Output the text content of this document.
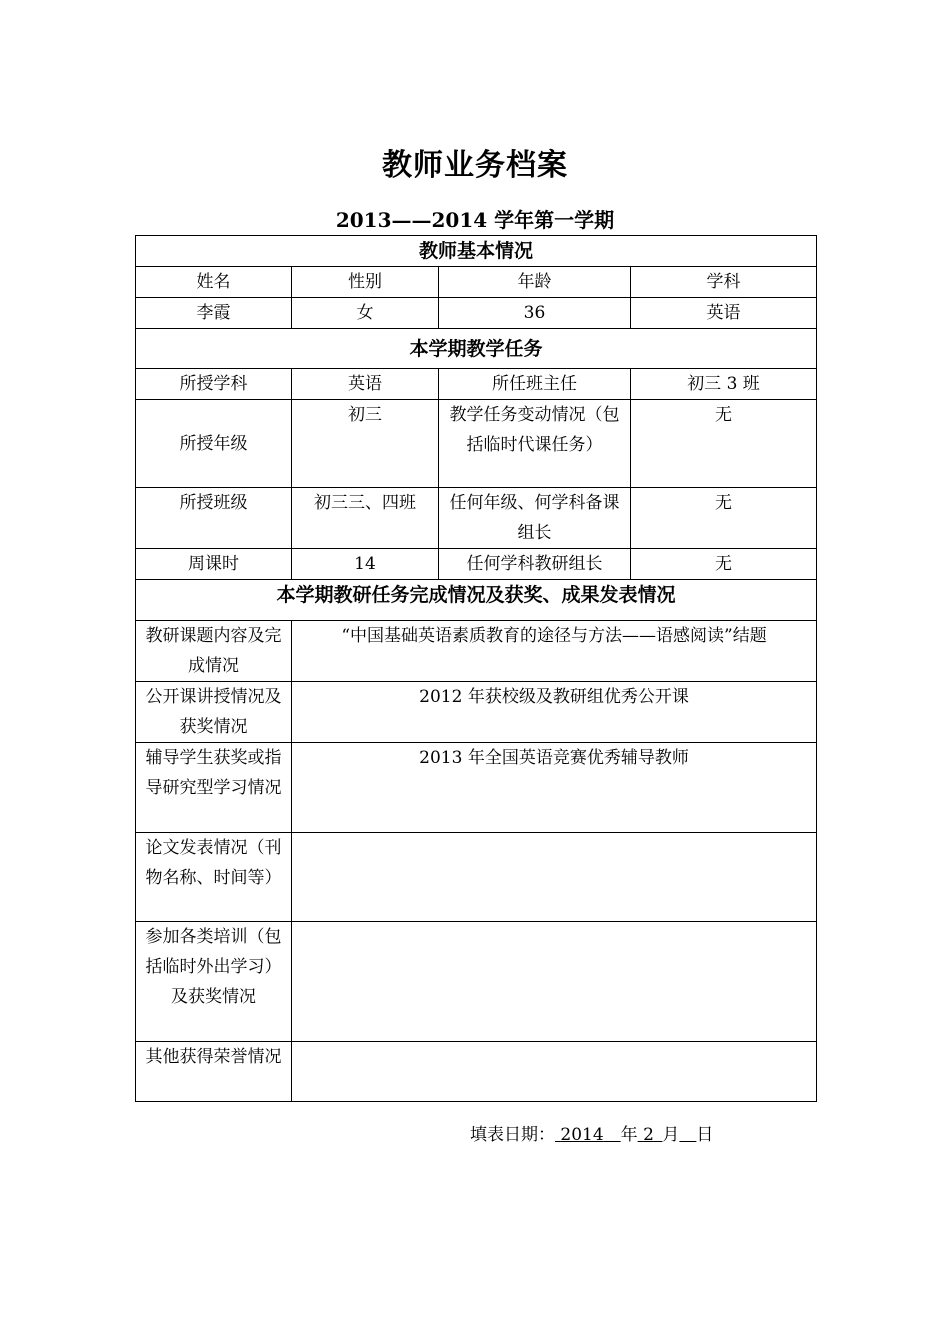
教师业务档案
2013——2014 学年第一学期
教师基本情况			
姓名	性别	年龄	学科
李霞	女	36	英语
本学期教学任务			
所授学科	英语	所任班主任	初三 3 班
所授年级	初三	教学任务变动情况（包括临时代课任务）	无
所授班级	初三三、四班	任何年级、何学科备课组长	无
周课时	14	任何学科教研组长	无
本学期教研任务完成情况及获奖、成果发表情况			
教研课题内容及完成情况	“中国基础英语素质教育的途径与方法——语感阅读”结题		
公开课讲授情况及获奖情况	2012 年获校级及教研组优秀公开课		
辅导学生获奖或指导研究型学习情况	2013 年全国英语竞赛优秀辅导教师		
论文发表情况（刊物名称、时间等）			
参加各类培训（包括临时外出学习）及获奖情况			
其他获得荣誉情况			
填表日期： 2014  年 2  月  日
